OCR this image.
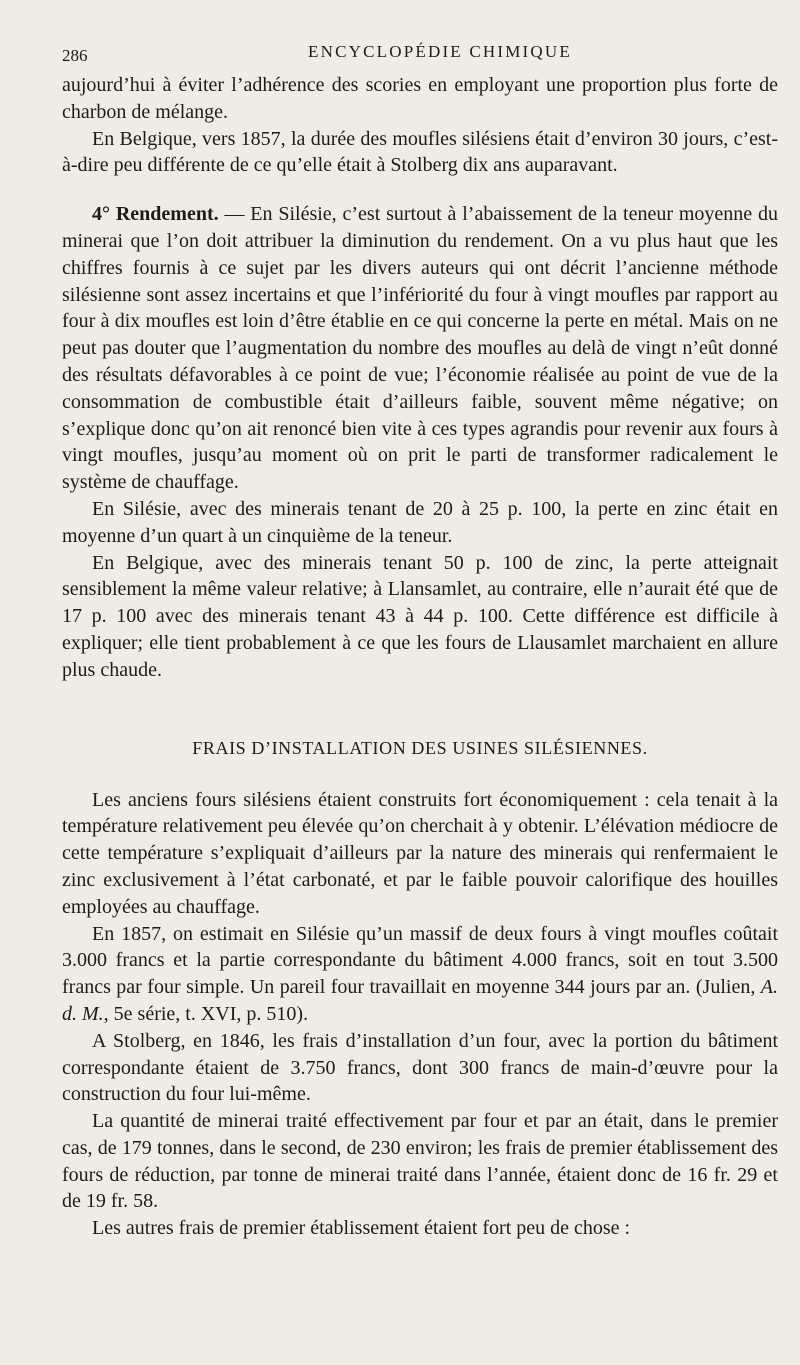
286	ENCYCLOPÉDIE CHIMIQUE

aujourd’hui à éviter l’adhérence des scories en employant une proportion plus forte de charbon de mélange.

En Belgique, vers 1857, la durée des moufles silésiens était d’environ 30 jours, c’est-à-dire peu différente de ce qu’elle était à Stolberg dix ans auparavant.

4° Rendement. — En Silésie, c’est surtout à l’abaissement de la teneur moyenne du minerai que l’on doit attribuer la diminution du rendement. On a vu plus haut que les chiffres fournis à ce sujet par les divers auteurs qui ont décrit l’ancienne méthode silésienne sont assez incertains et que l’infériorité du four à vingt moufles par rapport au four à dix moufles est loin d’être établie en ce qui concerne la perte en métal. Mais on ne peut pas douter que l’augmentation du nombre des moufles au delà de vingt n’eût donné des résultats défavorables à ce point de vue; l’économie réalisée au point de vue de la consommation de combustible était d’ailleurs faible, souvent même négative; on s’explique donc qu’on ait renoncé bien vite à ces types agrandis pour revenir aux fours à vingt moufles, jusqu’au moment où on prit le parti de transformer radicalement le système de chauffage.

En Silésie, avec des minerais tenant de 20 à 25 p. 100, la perte en zinc était en moyenne d’un quart à un cinquième de la teneur.

En Belgique, avec des minerais tenant 50 p. 100 de zinc, la perte atteignait sensiblement la même valeur relative; à Llansamlet, au contraire, elle n’aurait été que de 17 p. 100 avec des minerais tenant 43 à 44 p. 100. Cette différence est difficile à expliquer; elle tient probablement à ce que les fours de Llausamlet marchaient en allure plus chaude.

FRAIS D’INSTALLATION DES USINES SILÉSIENNES.

Les anciens fours silésiens étaient construits fort économiquement : cela tenait à la température relativement peu élevée qu’on cherchait à y obtenir. L’élévation médiocre de cette température s’expliquait d’ailleurs par la nature des minerais qui renfermaient le zinc exclusivement à l’état carbonaté, et par le faible pouvoir calorifique des houilles employées au chauffage.

En 1857, on estimait en Silésie qu’un massif de deux fours à vingt moufles coûtait 3.000 francs et la partie correspondante du bâtiment 4.000 francs, soit en tout 3.500 francs par four simple. Un pareil four travaillait en moyenne 344 jours par an. (Julien, A. d. M., 5e série, t. XVI, p. 510).

A Stolberg, en 1846, les frais d’installation d’un four, avec la portion du bâtiment correspondante étaient de 3.750 francs, dont 300 francs de main-d’œuvre pour la construction du four lui-même.

La quantité de minerai traité effectivement par four et par an était, dans le premier cas, de 179 tonnes, dans le second, de 230 environ; les frais de premier établissement des fours de réduction, par tonne de minerai traité dans l’année, étaient donc de 16 fr. 29 et de 19 fr. 58.

Les autres frais de premier établissement étaient fort peu de chose :
